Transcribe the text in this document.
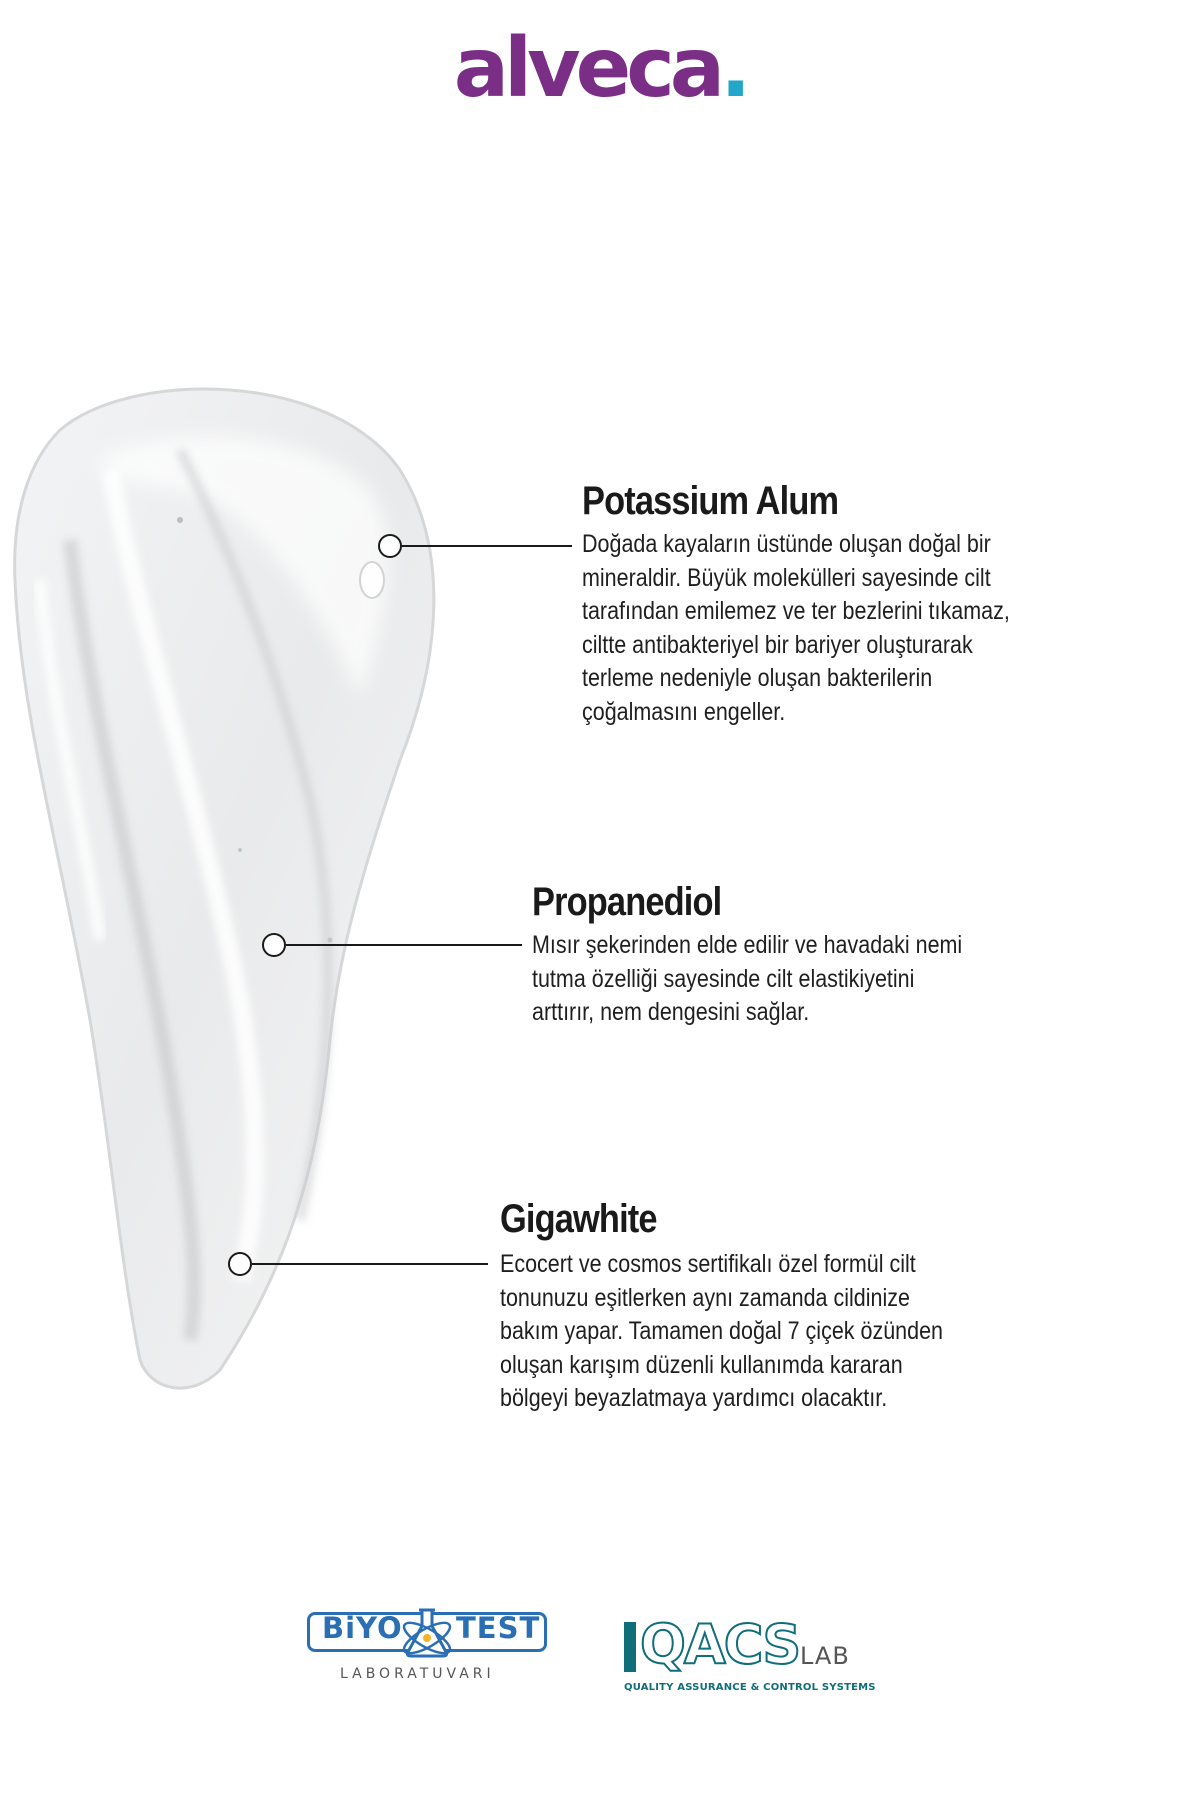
alveca.
Potassium Alum
Doğada kayaların üstünde oluşan doğal bir
mineraldir. Büyük molekülleri sayesinde cilt
tarafından emilemez ve ter bezlerini tıkamaz,
ciltte antibakteriyel bir bariyer oluşturarak
terleme nedeniyle oluşan bakterilerin
çoğalmasını engeller.
Propanediol
Mısır şekerinden elde edilir ve havadaki nemi
tutma özelliği sayesinde cilt elastikiyetini
arttırır, nem dengesini sağlar.
Gigawhite
Ecocert ve cosmos sertifikalı özel formül cilt
tonunuzu eşitlerken aynı zamanda cildinize
bakım yapar. Tamamen doğal 7 çiçek özünden
oluşan karışım düzenli kullanımda kararan
bölgeyi beyazlatmaya yardımcı olacaktır.
BiYO TEST
LABORATUVARI	QACS LAB
QUALITY ASSURANCE & CONTROL SYSTEMS
